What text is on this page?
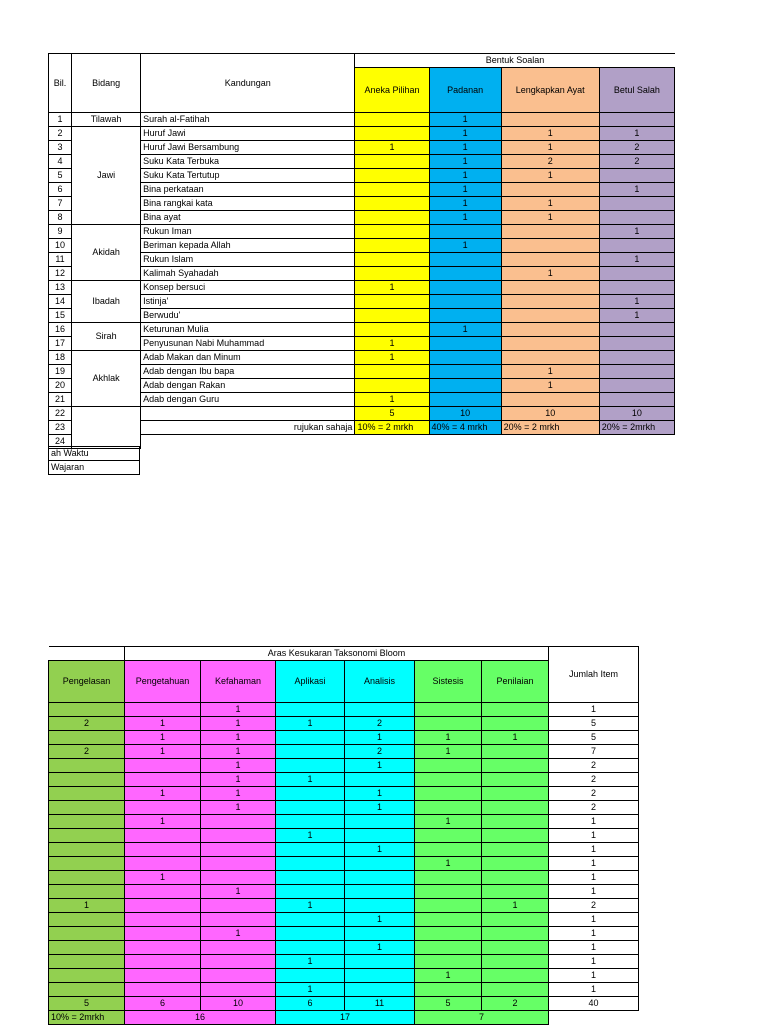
Bil.	Bidang	Kandungan	Bentuk Soalan			
			Aneka Pilihan	Padanan	Lengkapkan Ayat	Betul Salah
1	Tilawah	Surah al-Fatihah		1		
2	Jawi	Huruf Jawi		1	1	1
3		Huruf Jawi Bersambung	1	1	1	2
4		Suku Kata Terbuka		1	2	2
5		Suku Kata Tertutup		1	1	
6		Bina perkataan		1		1
7		Bina rangkai kata		1	1	
8		Bina ayat		1	1	
9	Akidah	Rukun Iman				1
10		Beriman kepada Allah		1		
11		Rukun Islam				1
12		Kalimah Syahadah			1	
13	Ibadah	Konsep bersuci	1			
14		Istinja'				1
15		Berwudu'				1
16	Sirah	Keturunan Mulia		1		
17		Penyusunan Nabi Muhammad	1			
18	Akhlak	Adab Makan dan Minum	1			
19		Adab dengan Ibu bapa			1	
20		Adab dengan Rakan			1	
21		Adab dengan Guru	1			
22			5	10	10	10
23		rujukan sahaja	10% = 2 mrkh	40% = 4 mrkh	20% = 2 mrkh	20% = 2mrkh
24						
ah Waktu
Wajaran
	Aras Kesukaran Taksonomi Bloom						Jumlah Item
Pengelasan	Pengetahuan	Kefahaman	Aplikasi	Analisis	Sistesis	Penilaian	
		1					1
2	1	1	1	2			5
	1	1		1	1	1	5
2	1	1		2	1		7
		1		1			2
		1	1				2
	1	1		1			2
		1		1			2
	1				1		1
			1				1
				1			1
					1		1
	1						1
		1					1
1			1			1	2
				1			1
		1					1
				1			1
			1				1
					1		1
			1				1
5	6	10	6	11	5	2	40
10% = 2mrkh	16		17		7		
